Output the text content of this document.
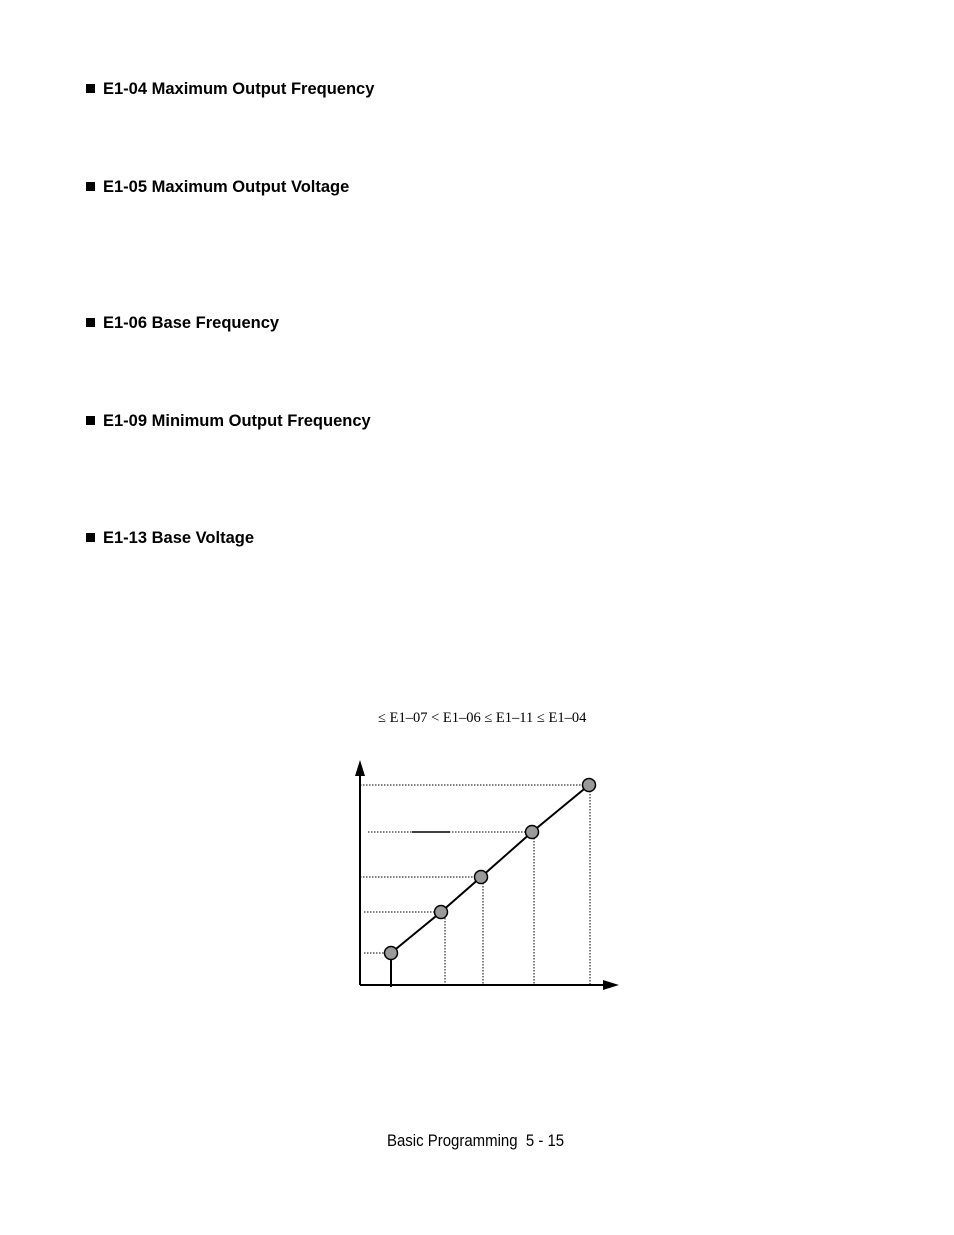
E1-04 Maximum Output Frequency
E1-05 Maximum Output Voltage
E1-06 Base Frequency
E1-09 Minimum Output Frequency
E1-13 Base Voltage
≤ E1–07 < E1–06 ≤ E1–11 ≤ E1–04
Basic Programming  5 - 15
